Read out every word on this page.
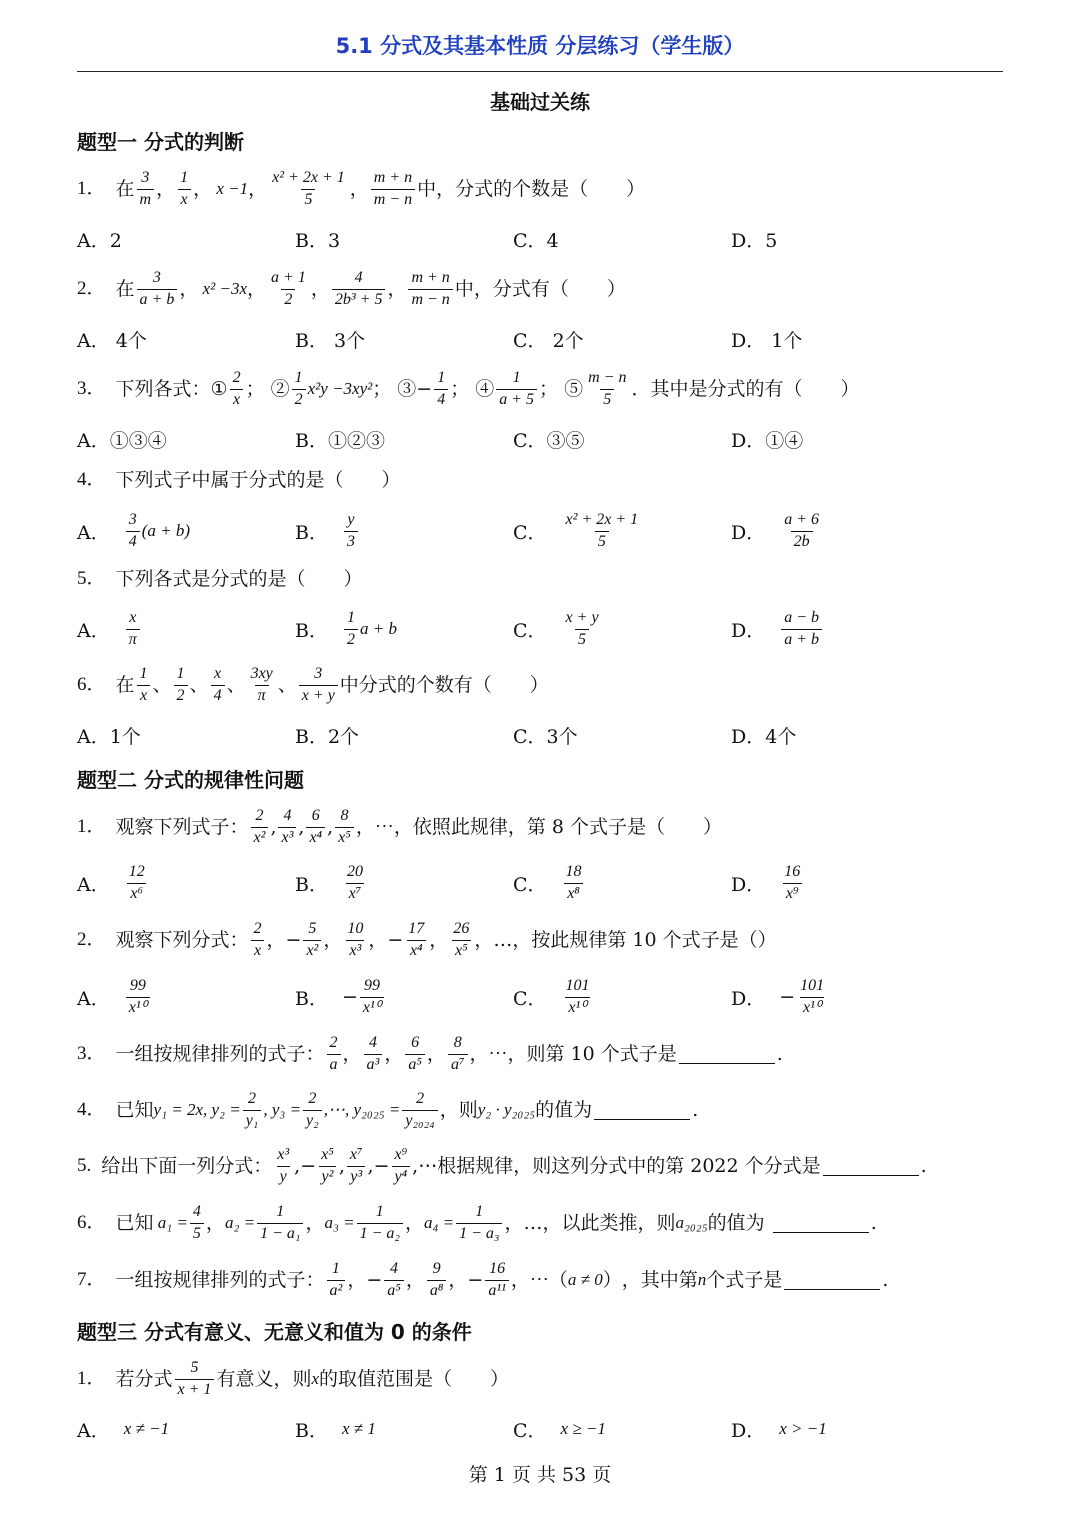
5.1 分式及其基本性质 分层练习（学生版）
基础过关练
题型一 分式的判断
1． 在 $\frac{3}{m}$ ， $\frac{1}{x}$ ， x −1 ， $\frac{\text{x² + 2x + 1}}{5}$ ， $\frac{m + n}{m - n}$ 中，分式的个数是（　　）
A．2	B．3	C．4	D．5
2． 在 $\frac{3}{a + b}$ ， x² −3x ， $\frac{a + 1}{2}$ ， $\frac{4}{\text{2b³ + 5}}$ ， $\frac{m + n}{m - n}$ 中，分式有（　　）
A． 4个	B． 3个	C． 2个	D． 1个
3． 下列各式： ① $\frac{2}{x}$ ； ② $\frac{1}{2} x^2y -3xy^2$ ； ③− $\frac{1}{4}$ ； ④ $\frac{1}{a + 5}$ ； ⑤ $\frac{m - n}{5}$ ．其中是分式的有（　　）
A．①③④	B．①②③	C．③⑤	D．①④
4． 下列式子中属于分式的是（　　）
A． $\frac{3}{4} (a + b)$	B． $\frac{y}{3}$	C． $\frac{\text{x² + 2x + 1}}{5}$	D． $\frac{a + 6}{2b}$
5． 下列各式是分式的是（　　）
A． $\frac{x}{\pi}$	B． $\frac{1}{2}$ a + b	C． $\frac{x + y}{5}$	D． $\frac{a - b}{a + b}$
6． 在 $\frac{1}{x}$ 、 $\frac{1}{2}$ 、 $\frac{x}{4}$ 、 $\frac{3xy}{\pi}$ 、 $\frac{3}{x + y}$ 中分式的个数有（　　）
A．1个	B．2个	C．3个	D．4个
题型二 分式的规律性问题
1． 观察下列式子： $\frac{2}{\text{x²}}$ , $\frac{4}{\text{x³}}$ , $\frac{6}{\text{x⁴}}$ , $\frac{8}{\text{x⁵}}$ ，⋯ ，依照此规律，第 8 个式子是（　　）
A． $\frac{12}{\text{x⁶}}$	B． $\frac{20}{\text{x⁷}}$	C． $\frac{18}{\text{x⁸}}$	D． $\frac{16}{\text{x⁹}}$
2． 观察下列分式： $\frac{2}{x}$ ，− $\frac{5}{\text{x²}}$ ， $\frac{10}{\text{x³}}$ ，− $\frac{17}{\text{x⁴}}$ ， $\frac{26}{\text{x⁵}}$ ，… ，按此规律第 10 个式子是（）
A． $\frac{99}{\text{x¹⁰}}$	B． − $\frac{99}{\text{x¹⁰}}$	C． $\frac{101}{\text{x¹⁰}}$	D． − $\frac{101}{\text{x¹⁰}}$
3． 一组按规律排列的式子： $\frac{2}{a}$ ， $\frac{4}{\text{a³}}$ ， $\frac{6}{\text{a⁵}}$ ， $\frac{8}{\text{a⁷}}$ ，⋯ ，则第 10 个式子是	.
4． 已知 y₁ = 2x, $y_2 = \frac{2}{\text{y₁}}$ , $y_3 = \frac{2}{\text{y₂}}$ ,⋯, $y_{2025} = \frac{2}{\text{y₂₀₂₄}}$ ，则 y₂ · y₂₀₂₅ 的值为	.
5. 给出下面一列分式： $\frac{\text{x³}}{y}$ ,− $\frac{\text{x⁵}}{\text{y²}}$ , $\frac{\text{x⁷}}{\text{y³}}$ ,− $\frac{\text{x⁹}}{\text{y⁴}}$ ,⋯ 根据规律，则这列分式中的第 2022 个分式是	.
6． 已知 $a_1 = \frac{4}{5}$ ， $a_2 = \frac{1}{\text{1 − a₁}}$ ， $a_3 = \frac{1}{\text{1 − a₂}}$ ， $a_4 = \frac{1}{\text{1 − a₃}}$ ，…，以此类推，则 a₂₀₂₅ 的值为
	.
7． 一组按规律排列的式子： $\frac{1}{\text{a²}}$ ，− $\frac{4}{\text{a⁵}}$ ， $\frac{9}{\text{a⁸}}$ ，− $\frac{16}{\text{a¹¹}}$ ，⋯（ a ≠ 0 ） ，其中第 n 个式子是	.
题型三 分式有意义、无意义和值为 0 的条件
1． 若分式 $\frac{5}{x + 1}$ 有意义，则 x 的取值范围是（　　）
A． x ≠ −1	B． x ≠ 1	C． x ≥ −1	D． x > −1
第 1 页 共 53 页
